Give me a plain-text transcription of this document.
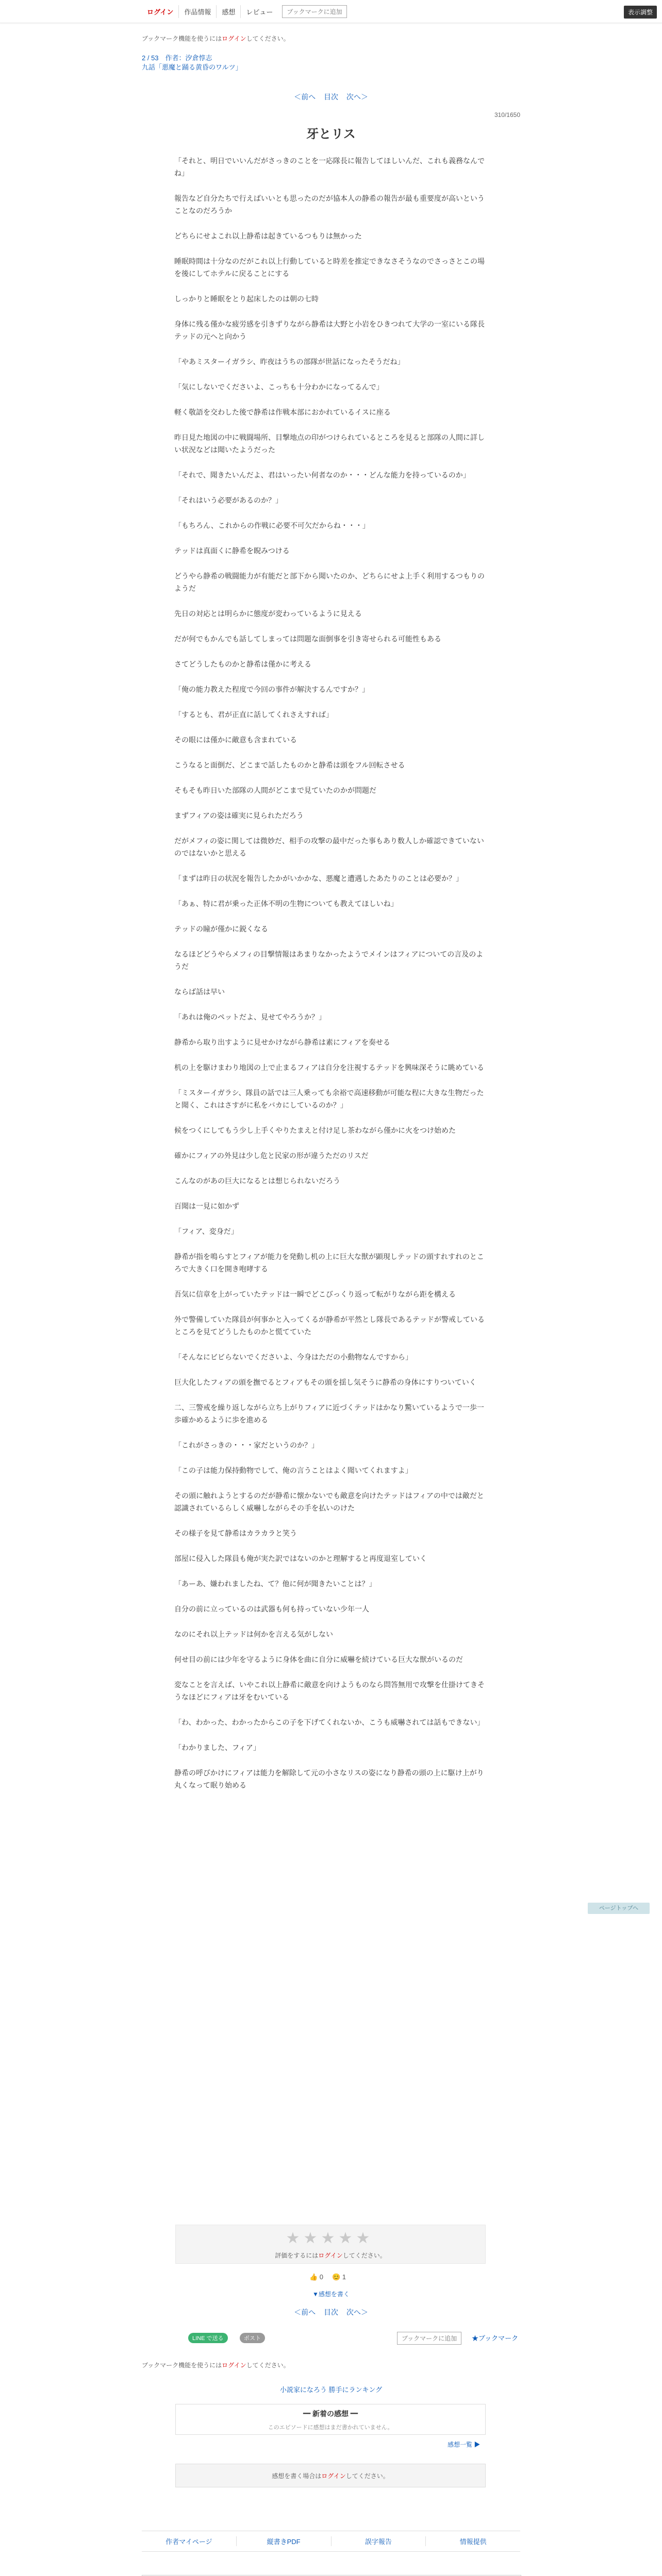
ログイン	作品情報	感想	レビュー	ブックマークに追加	表示調整
ブックマーク機能を使うにはログインしてください。
2 / 53　作者：汐倉惇志
九話「悪魔と踊る黄昏のワルツ」
＜前へ 目次 次へ＞
310/1650
牙とリス

「それと、明日でいいんだがさっきのことを一応隊長に報告してほしいんだ、これも義務なんでね」

報告など自分たちで行えばいいとも思ったのだが協本人の静希の報告が最も重要度が高いということなのだろうか

どちらにせよこれ以上静希は起きているつもりは無かった

睡眠時間は十分なのだがこれ以上行動していると時差を推定できなさそうなのでさっさとこの場を後にしてホテルに戻ることにする

しっかりと睡眠をとり起床したのは朝の七時

身体に残る僅かな疲労感を引きずりながら静希は大野と小岩をひきつれて大学の一室にいる隊長テッドの元へと向かう

「やあミスターイガラシ、昨夜はうちの部隊が世話になったそうだね」

「気にしないでくださいよ、こっちも十分わかになってるんで」

軽く敬語を交わした後で静希は作戦本部におかれているイスに座る

昨日見た地図の中に戦闘場所、目撃地点の印がつけられているところを見ると部隊の人間に詳しい状況などは聞いたようだった

「それで、聞きたいんだよ、君はいったい何者なのか・・・どんな能力を持っているのか」

「それはいう必要があるのか？」

「もちろん、これからの作戦に必要不可欠だからね・・・」

テッドは真面くに静希を睨みつける

どうやら静希の戦闘能力が有能だと部下から聞いたのか、どちらにせよ上手く利用するつもりのようだ

先日の対応とは明らかに態度が変わっているように見える

だが何でもかんでも話してしまっては問題な面倒事を引き寄せられる可能性もある

さてどうしたものかと静希は僅かに考える

「俺の能力教えた程度で今回の事件が解決するんですか？」

「するとも、君が正直に話してくれさえすれば」

その眼には僅かに敵意も含まれている

こうなると面倒だ、どこまで話したものかと静希は頭をフル回転させる

そもそも昨日いた部隊の人間がどこまで見ていたのかが問題だ

まずフィアの姿は確実に見られただろう

だがメフィの姿に関しては微妙だ、相手の攻撃の最中だった事もあり数人しか確認できていないのではないかと思える

「まずは昨日の状況を報告したかがいかかな、悪魔と遭遇したあたりのことは必要か？」

「あぁ、特に君が乗った正体不明の生物についても教えてほしいね」

テッドの瞳が僅かに鋭くなる

なるほどどうやらメフィの目撃情報はあまりなかったようでメインはフィアについての言及のようだ

ならば話は早い

「あれは俺のペットだよ、見せてやろうか？」

静希から取り出すように見せかけながら静希は素にフィアを奏せる

机の上を駆けまわり地図の上で止まるフィアは自分を注視するテッドを興味深そうに眺めている

「ミスターイガラシ、隊員の話では三人乗っても余裕で高速移動が可能な程に大きな生物だったと聞く、これはさすがに私をバカにしているのか？」

候をつくにしてもう少し上手くやりたまえと付け足し茶わながら僅かに火をつけ始めた

確かにフィアの外見は少し危と民家の形が違うただのリスだ

こんなのがあの巨大になるとは想じられないだろう

百聞は一見に如かず

「フィア、変身だ」

静希が指を鳴らすとフィアが能力を発動し机の上に巨大な獣が顕現しテッドの頭すれすれのところで大きく口を開き咆哮する

吾気に信章を上がっていたテッドは一瞬でどこびっくり返って転がりながら距を構える

外で警備していた隊員が何事かと入ってくるが静希が平然とし隊長であるテッドが警戒しているところを見てどうしたものかと慌てていた

「そんなにビビらないでくださいよ、今身はただの小動物なんですから」

巨大化したフィアの頭を撫でるとフィアもその頭を揺し気そうに静希の身体にすりついていく

二、三警戒を繰り返しながら立ち上がりフィアに近づくテッドはかなり驚いているようで一歩一歩確かめるように歩を進める

「これがさっきの・・・家だというのか？」

「この子は能力保持動物でして、俺の言うことはよく聞いてくれますよ」

その頭に触れようとするのだが静希に懐かないでも敵意を向けたテッドはフィアの中では敵だと認識されているらしく威嚇しながらその手を払いのけた

その様子を見て静希はカラカラと笑う

部屋に侵入した隊員も俺が実た訳ではないのかと理解すると再度退室していく

「あーあ、嫌われましたね、て？他に何が聞きたいことは？」

自分の前に立っているのは武器も何も持っていない少年一人

なのにそれ以上テッドは何かを言える気がしない

何せ目の前には少年を守るように身体を曲に自分に威嚇を続けている巨大な獣がいるのだ

変なことを言えば、いやこれ以上静希に敵意を向けようものなら問答無用で攻撃を仕掛けてきそうなほどにフィアは牙をむいている

「わ、わかった、わかったからこの子を下げてくれないか、こうも威嚇されては話もできない」

「わかりました、フィア」

静希の呼びかけにフィアは能力を解除して元の小さなリスの姿になり静希の頭の上に駆け上がり丸くなって眠り始める

ページトップへ
★ ★ ★ ★ ★
評価をするにはログインしてください。
👍 0 😊 1
▼感想を書く
＜前へ 目次 次へ＞
LINE で送る	ポスト	ブックマークに追加	★ブックマーク
ブックマーク機能を使うにはログインしてください。
小説家になろう 勝手にランキング
━ 新着の感想 ━
このエピソードに感想はまだ書かれていません。
感想一覧 ▶
感想を書く場合はログインしてください。
作者マイページ	縦書きPDF	誤字報告	情報提供
